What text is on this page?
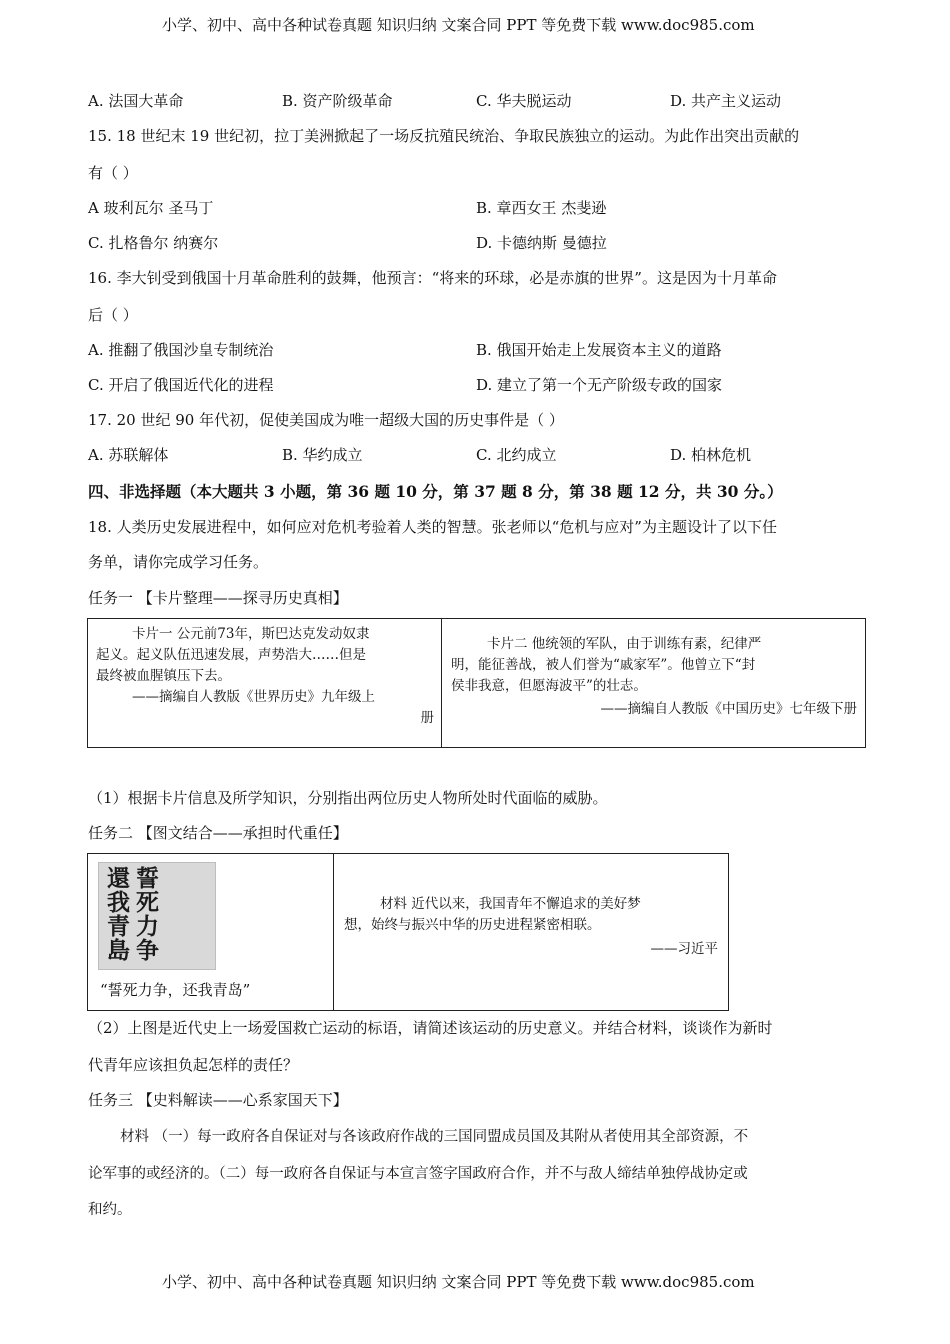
小学、初中、高中各种试卷真题 知识归纳 文案合同 PPT 等免费下载 www.doc985.com
A. 法国大革命	B. 资产阶级革命	C. 华夫脱运动	D. 共产主义运动
15. 18 世纪末 19 世纪初，拉丁美洲掀起了一场反抗殖民统治、争取民族独立的运动。为此作出突出贡献的
有（ ）
A 玻利瓦尔 圣马丁	B. 章西女王 杰斐逊
C. 扎格鲁尔 纳赛尔	D. 卡德纳斯 曼德拉
16. 李大钊受到俄国十月革命胜利的鼓舞，他预言：“将来的环球，必是赤旗的世界”。这是因为十月革命
后（ ）
A. 推翻了俄国沙皇专制统治	B. 俄国开始走上发展资本主义的道路
C. 开启了俄国近代化的进程	D. 建立了第一个无产阶级专政的国家
17. 20 世纪 90 年代初，促使美国成为唯一超级大国的历史事件是（ ）
A. 苏联解体	B. 华约成立	C. 北约成立	D. 柏林危机
四、非选择题（本大题共 3 小题，第 36 题 10 分，第 37 题 8 分，第 38 题 12 分，共 30 分。）
18. 人类历史发展进程中，如何应对危机考验着人类的智慧。张老师以“危机与应对”为主题设计了以下任
务单，请你完成学习任务。
任务一 【卡片整理——探寻历史真相】
卡片一 公元前73年，斯巴达克发动奴隶
起义。起义队伍迅速发展，声势浩大……但是
最终被血腥镇压下去。
——摘编自人教版《世界历史》九年级上
册
卡片二 他统领的军队，由于训练有素，纪律严
明，能征善战，被人们誉为“戚家军”。他曾立下“封
侯非我意，但愿海波平”的壮志。
——摘编自人教版《中国历史》七年级下册
（1）根据卡片信息及所学知识，分别指出两位历史人物所处时代面临的威胁。
任务二 【图文结合——承担时代重任】
誓
死
力
争
還
我
青
島
“誓死力争，还我青岛”
材料 近代以来，我国青年不懈追求的美好梦
想，始终与振兴中华的历史进程紧密相联。
——习近平
（2）上图是近代史上一场爱国救亡运动的标语，请简述该运动的历史意义。并结合材料，谈谈作为新时
代青年应该担负起怎样的责任？
任务三 【史料解读——心系家国天下】
材料 （一）每一政府各自保证对与各该政府作战的三国同盟成员国及其附从者使用其全部资源，不
论军事的或经济的。（二）每一政府各自保证与本宣言签字国政府合作，并不与敌人缔结单独停战协定或
和约。
小学、初中、高中各种试卷真题 知识归纳 文案合同 PPT 等免费下载 www.doc985.com
